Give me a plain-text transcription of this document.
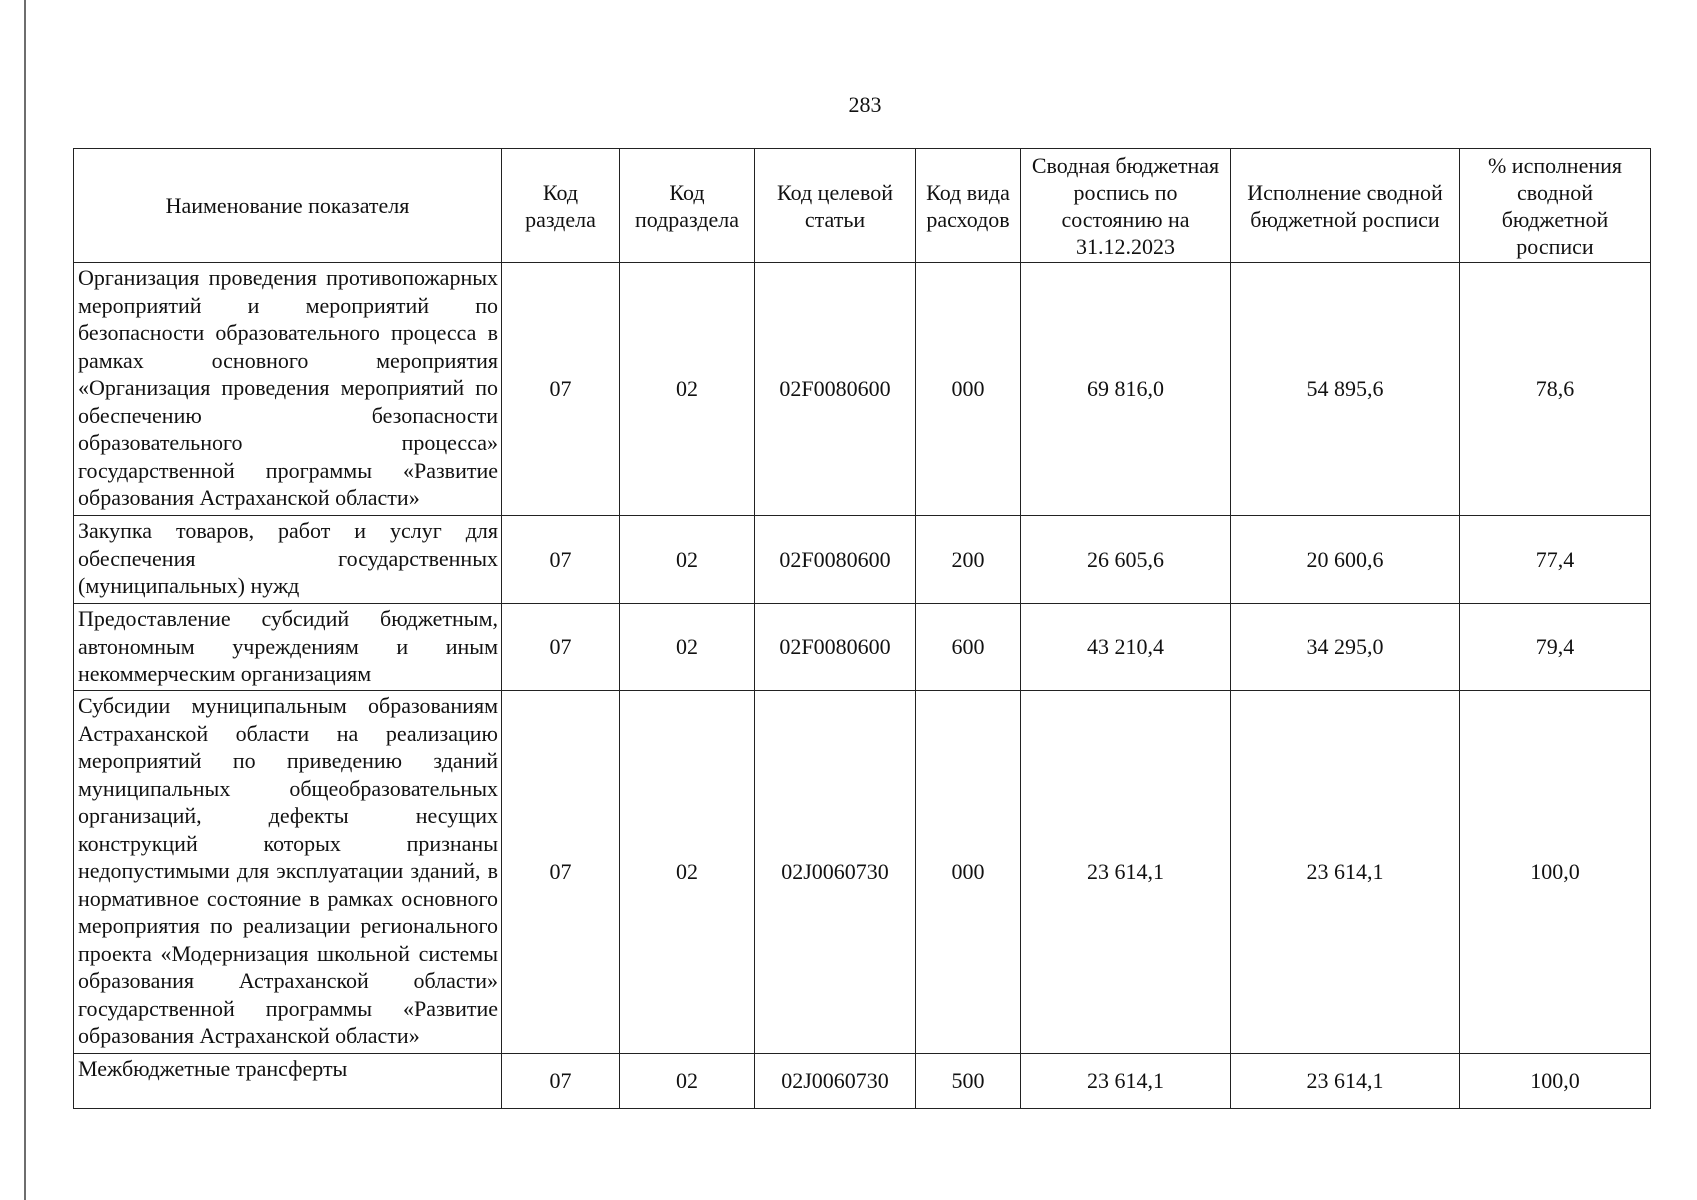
283
Наименование показателя	Код раздела	Код подраздела	Код целевой статьи	Код вида расходов	Сводная бюджетная роспись по состоянию на 31.12.2023	Исполнение сводной бюджетной росписи	% исполнения сводной бюджетной росписи
Организация проведения противопожарных мероприятий и мероприятий по безопасности образовательного процесса в рамках основного мероприятия «Организация проведения мероприятий по обеспечению безопасности образовательного процесса» государственной программы «Развитие образования Астраханской области»	07	02	02F0080600	000	69 816,0	54 895,6	78,6
Закупка товаров, работ и услуг для обеспечения государственных (муниципальных) нужд	07	02	02F0080600	200	26 605,6	20 600,6	77,4
Предоставление субсидий бюджетным, автономным учреждениям и иным некоммерческим организациям	07	02	02F0080600	600	43 210,4	34 295,0	79,4
Субсидии муниципальным образованиям Астраханской области на реализацию мероприятий по приведению зданий муниципальных общеобразовательных организаций, дефекты несущих конструкций которых признаны недопустимыми для эксплуатации зданий, в нормативное состояние в рамках основного мероприятия по реализации регионального проекта «Модернизация школьной системы образования Астраханской области» государственной программы «Развитие образования Астраханской области»	07	02	02J0060730	000	23 614,1	23 614,1	100,0
Межбюджетные трансферты	07	02	02J0060730	500	23 614,1	23 614,1	100,0
